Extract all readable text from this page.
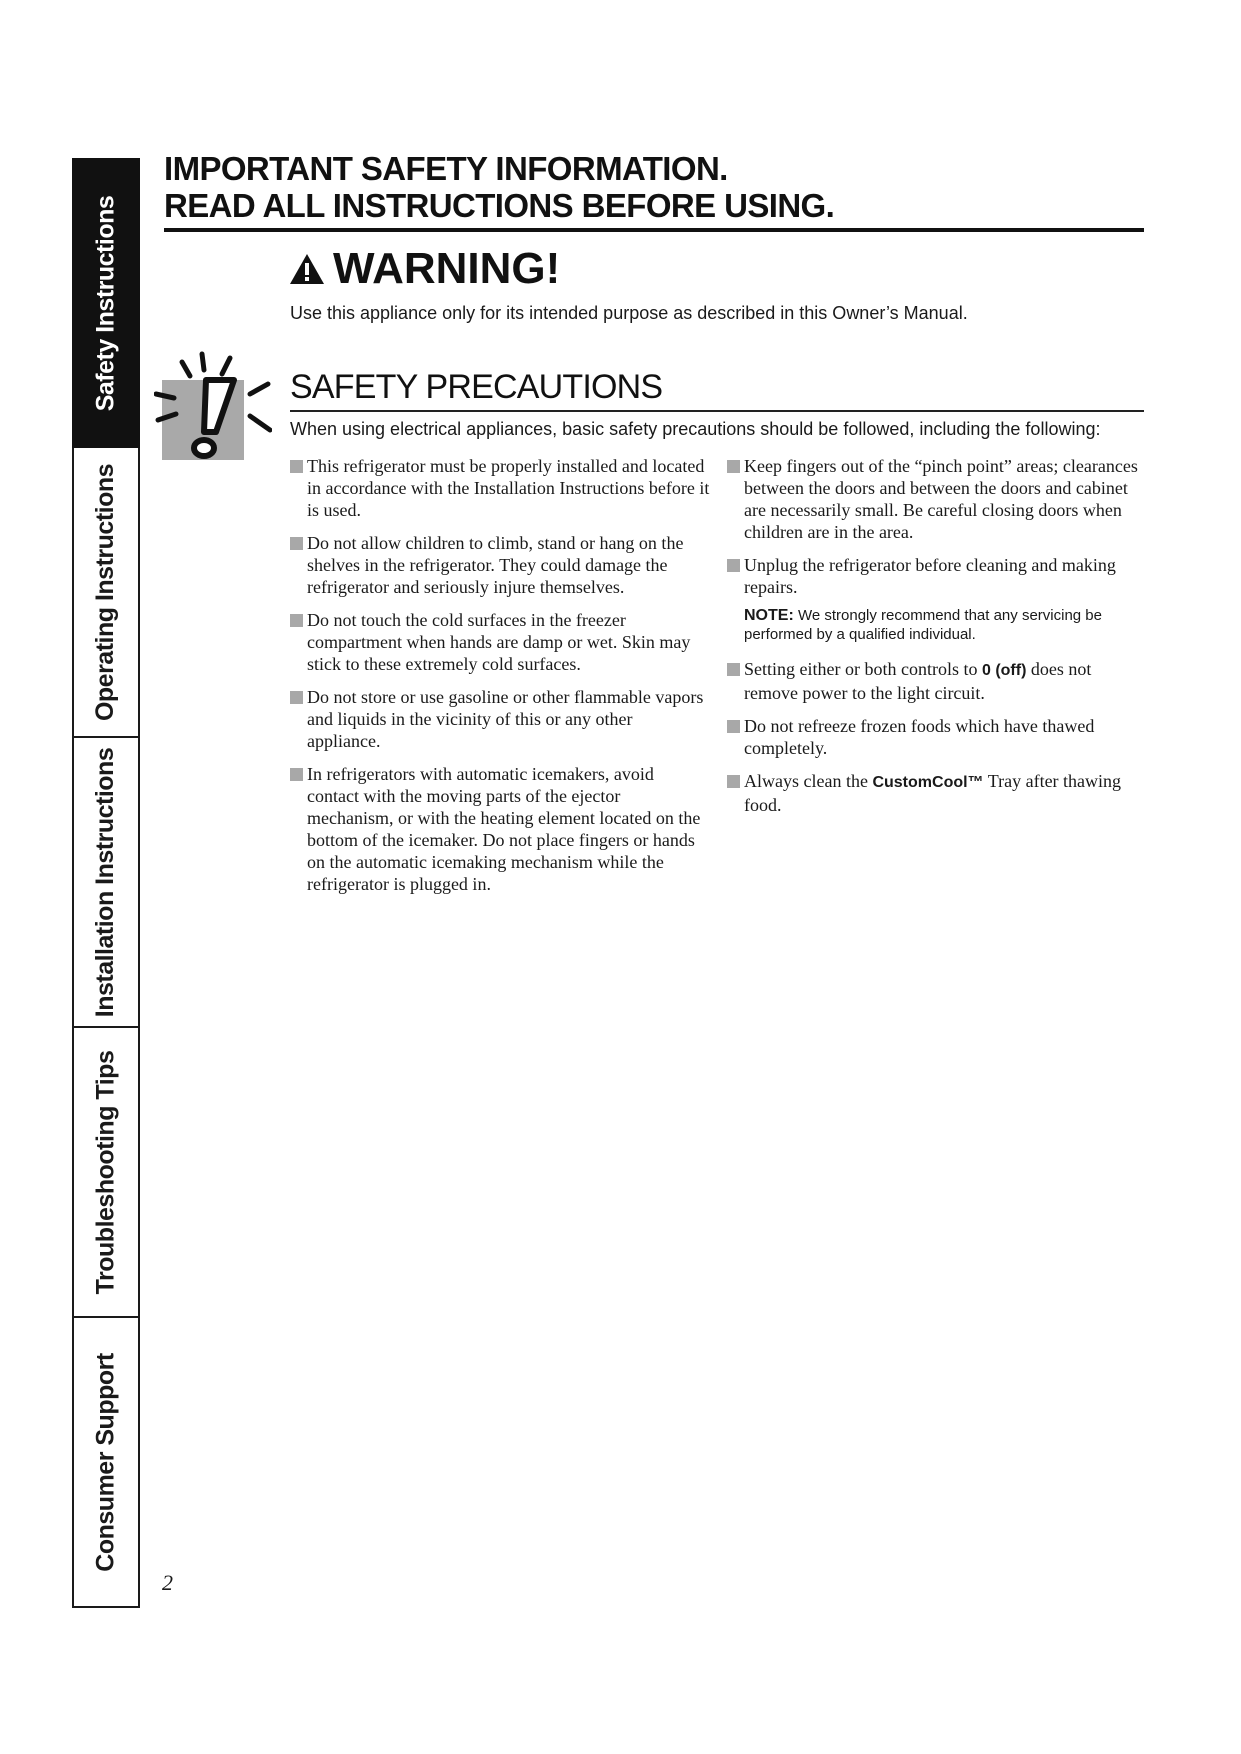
Safety Instructions
Operating Instructions
Installation Instructions
Troubleshooting Tips
Consumer Support
IMPORTANT SAFETY INFORMATION.
READ ALL INSTRUCTIONS BEFORE USING.
WARNING!
Use this appliance only for its intended purpose as described in this Owner’s Manual.
SAFETY PRECAUTIONS
When using electrical appliances, basic safety precautions should be followed, including the following:
This refrigerator must be properly installed and located in accordance with the Installation Instructions before it is used.
Do not allow children to climb, stand or hang on the shelves in the refrigerator. They could damage the refrigerator and seriously injure themselves.
Do not touch the cold surfaces in the freezer compartment when hands are damp or wet. Skin may stick to these extremely cold surfaces.
Do not store or use gasoline or other flammable vapors and liquids in the vicinity of this or any other appliance.
In refrigerators with automatic icemakers, avoid contact with the moving parts of the ejector mechanism, or with the heating element located on the bottom of the icemaker. Do not place fingers or hands on the automatic icemaking mechanism while the refrigerator is plugged in.
Keep fingers out of the “pinch point” areas; clearances between the doors and between the doors and cabinet are necessarily small. Be careful closing doors when children are in the area.
Unplug the refrigerator before cleaning and making repairs.
NOTE: We strongly recommend that any servicing be performed by a qualified individual.
Setting either or both controls to 0 (off) does not remove power to the light circuit.
Do not refreeze frozen foods which have thawed completely.
Always clean the CustomCool™ Tray after thawing food.
2
